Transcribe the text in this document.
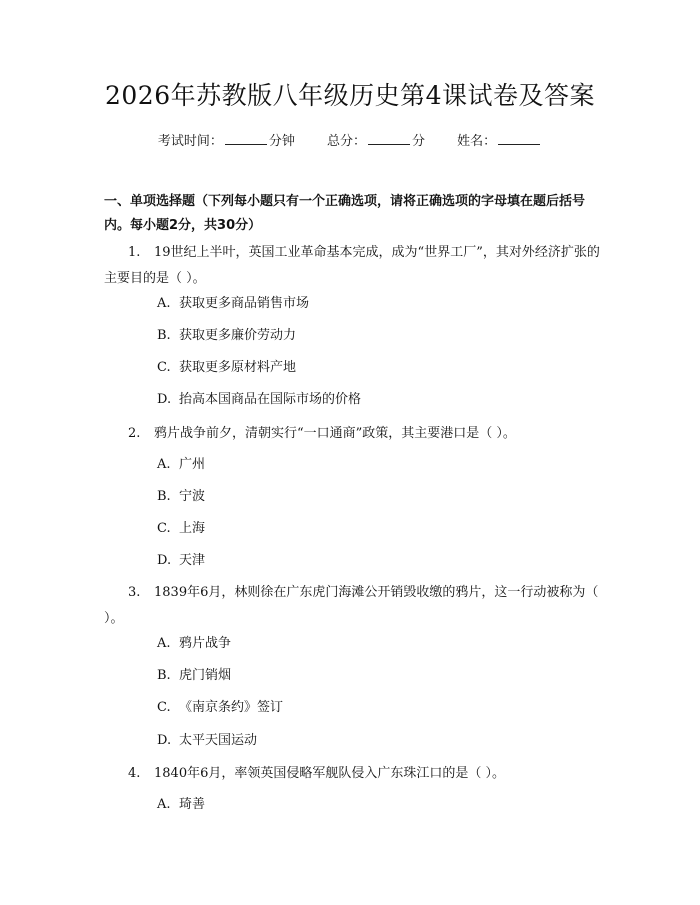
2026年苏教版八年级历史第4课试卷及答案
考试时间：	分钟 总分：	分 姓名：
一、单项选择题（下列每小题只有一个正确选项，请将正确选项的字母填在题后括号内。每小题2分，共30分）
1. 19世纪上半叶，英国工业革命基本完成，成为“世界工厂”，其对外经济扩张的主要目的是（ ）。
A. 获取更多商品销售市场
B. 获取更多廉价劳动力
C. 获取更多原材料产地
D. 抬高本国商品在国际市场的价格
2. 鸦片战争前夕，清朝实行“一口通商”政策，其主要港口是（ ）。
A. 广州
B. 宁波
C. 上海
D. 天津
3. 1839年6月，林则徐在广东虎门海滩公开销毁收缴的鸦片，这一行动被称为（ ）。
A. 鸦片战争
B. 虎门销烟
C. 《南京条约》签订
D. 太平天国运动
4. 1840年6月，率领英国侵略军舰队侵入广东珠江口的是（ ）。
A. 琦善
